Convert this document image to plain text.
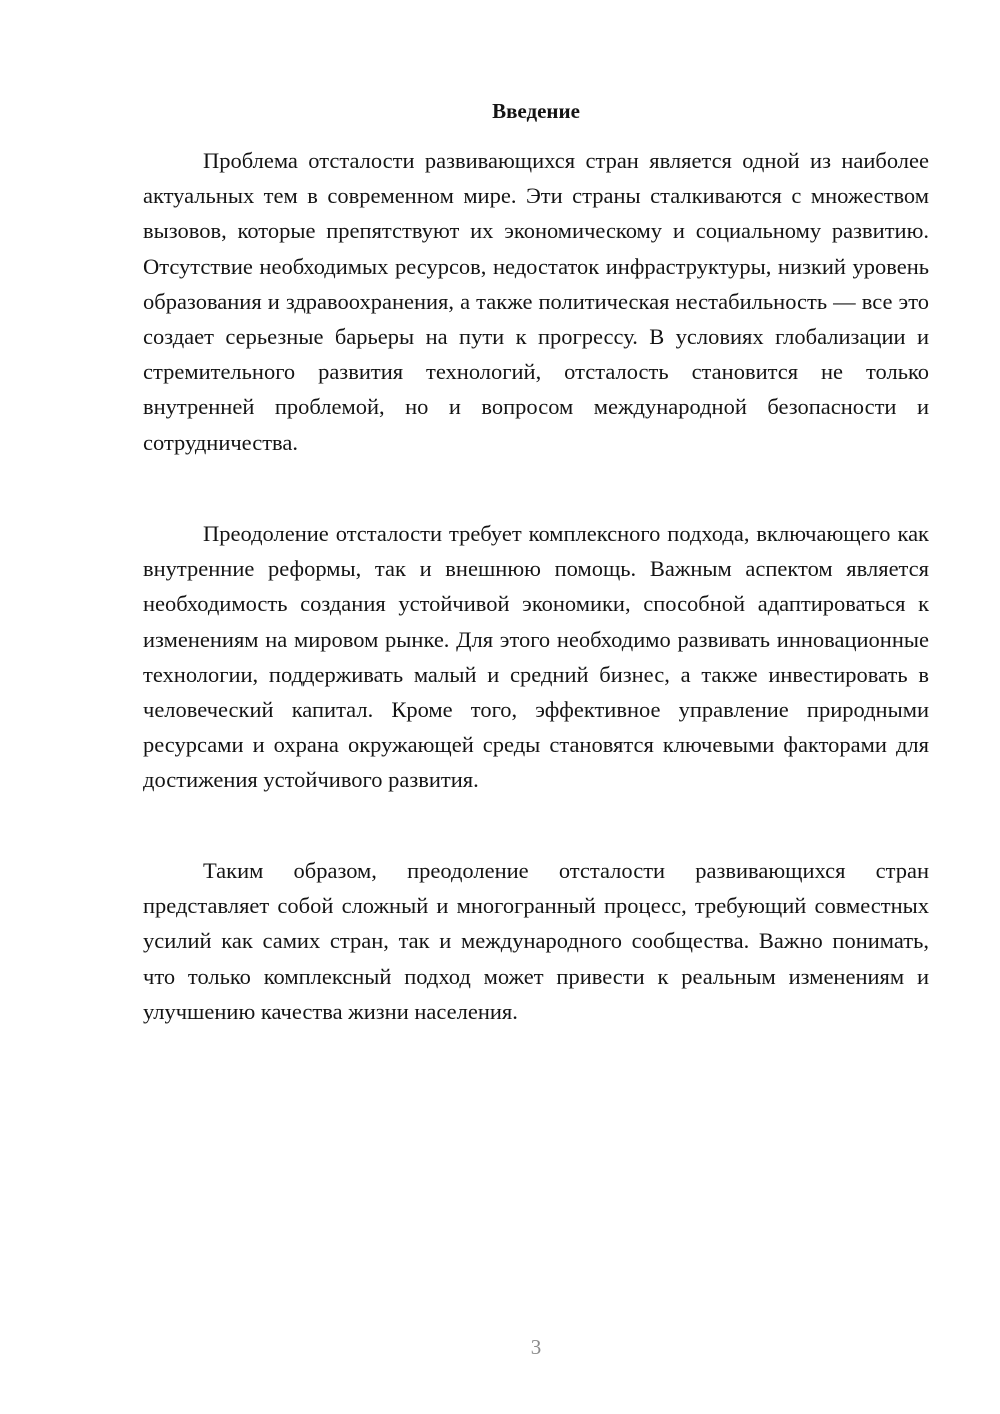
Введение

Проблема отсталости развивающихся стран является одной из наиболее актуальных тем в современном мире. Эти страны сталкиваются с множеством вызовов, которые препятствуют их экономическому и социальному развитию. Отсутствие необходимых ресурсов, недостаток инфраструктуры, низкий уровень образования и здравоохранения, а также политическая нестабильность — все это создает серьезные барьеры на пути к прогрессу. В условиях глобализации и стремительного развития технологий, отсталость становится не только внутренней проблемой, но и вопросом международной безопасности и сотрудничества.

Преодоление отсталости требует комплексного подхода, включающего как внутренние реформы, так и внешнюю помощь. Важным аспектом является необходимость создания устойчивой экономики, способной адаптироваться к изменениям на мировом рынке. Для этого необходимо развивать инновационные технологии, поддерживать малый и средний бизнес, а также инвестировать в человеческий капитал. Кроме того, эффективное управление природными ресурсами и охрана окружающей среды становятся ключевыми факторами для достижения устойчивого развития.

Таким образом, преодоление отсталости развивающихся стран представляет собой сложный и многогранный процесс, требующий совместных усилий как самих стран, так и международного сообщества. Важно понимать, что только комплексный подход может привести к реальным изменениям и улучшению качества жизни населения.

3
